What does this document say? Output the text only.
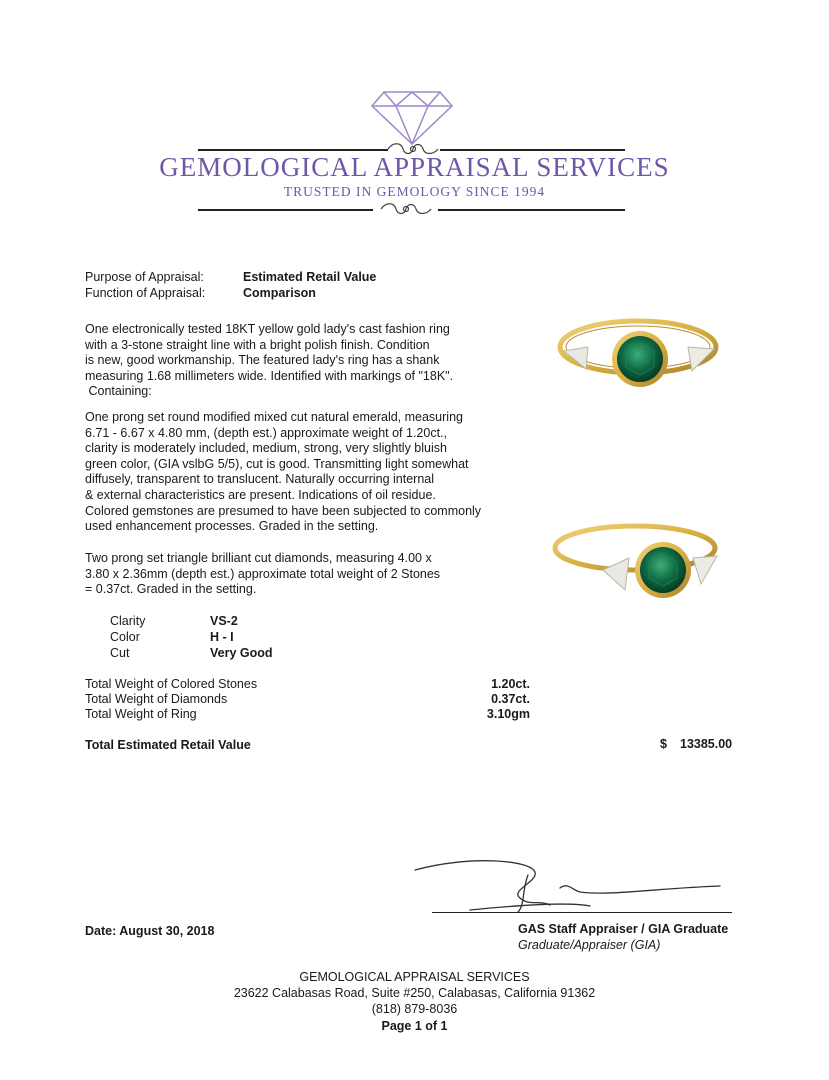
GEMOLOGICAL APPRAISAL SERVICES
TRUSTED IN GEMOLOGY SINCE 1994
Purpose of Appraisal:	Estimated Retail Value
Function of Appraisal:	Comparison

One electronically tested 18KT yellow gold lady's cast fashion ring

with a 3-stone straight line with a bright polish finish. Condition

is new, good workmanship. The featured lady's ring has a shank

measuring 1.68 millimeters wide. Identified with markings of "18K".

Containing:

One prong set round modified mixed cut natural emerald, measuring

6.71 - 6.67 x 4.80 mm, (depth est.) approximate weight of 1.20ct.,

clarity is moderately included, medium, strong, very slightly bluish

green color, (GIA vslbG 5/5), cut is good. Transmitting light somewhat

diffusely, transparent to translucent. Naturally occurring internal

& external characteristics are present. Indications of oil residue.

Colored gemstones are presumed to have been subjected to commonly

used enhancement processes. Graded in the setting.

Two prong set triangle brilliant cut diamonds, measuring 4.00 x

3.80 x 2.36mm (depth est.) approximate total weight of 2 Stones

= 0.37ct. Graded in the setting.

Clarity	VS-2
Color	H - I
Cut	Very Good
Total Weight of Colored Stones	1.20ct.
Total Weight of Diamonds	0.37ct.
Total Weight of Ring	3.10gm
Total Estimated Retail Value	$ 13385.00
Date: August 30, 2018	GAS Staff Appraiser / GIA Graduate
Graduate/Appraiser (GIA)
GEMOLOGICAL APPRAISAL SERVICES
23622 Calabasas Road, Suite #250, Calabasas, California 91362
(818) 879-8036
Page 1 of 1
